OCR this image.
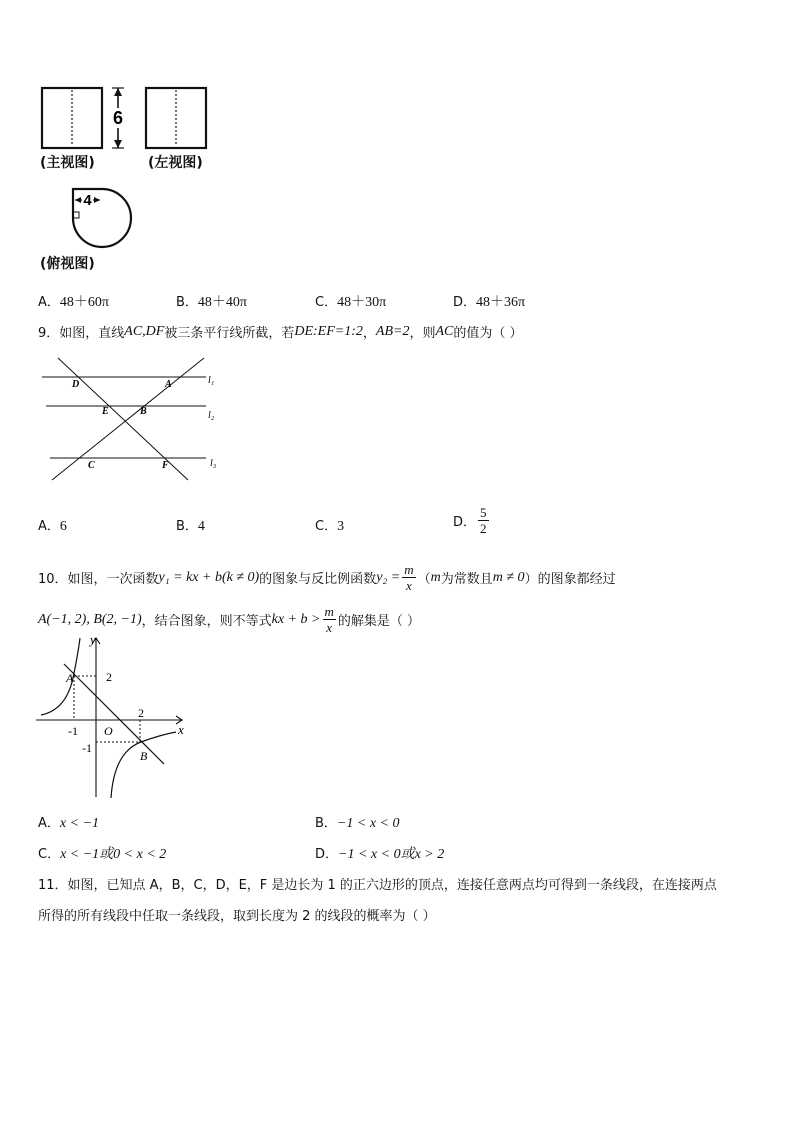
6
4
(主视图)	(左视图)
(俯视图)
A．48＋60π	B．48＋40π	C．48＋30π	D．48＋36π
9．如图，直线 AC,DF 被三条平行线所截，若 DE:EF=1:2 ， AB=2 ，则 AC 的值为（ ）
D	A
E	B
C	F
l₁
l₂
l₃
A．6	B．4	C．3	D． $\frac{5}{2}$
10．如图，一次函数 y₁ = kx + b(k ≠ 0) 的图象与反比例函数 $y_2 = \frac{m}{x}$ （ m 为常数且 m ≠ 0 ）的图象都经过
A(−1, 2), B(2, −1) ，结合图象，则不等式 kx + $b > \frac{m}{x}$ 的解集是（ ）
y
x
A
B
O
2
-1
2
-1
A．x < −1	B．−1 < x < 0
C．x < −1或0 < x < 2	D．−1 < x < 0或x > 2
11．如图，已知点 A，B，C，D，E，F 是边长为 1 的正六边形的顶点，连接任意两点均可得到一条线段，在连接两点
所得的所有线段中任取一条线段，取到长度为 2 的线段的概率为（ ）
